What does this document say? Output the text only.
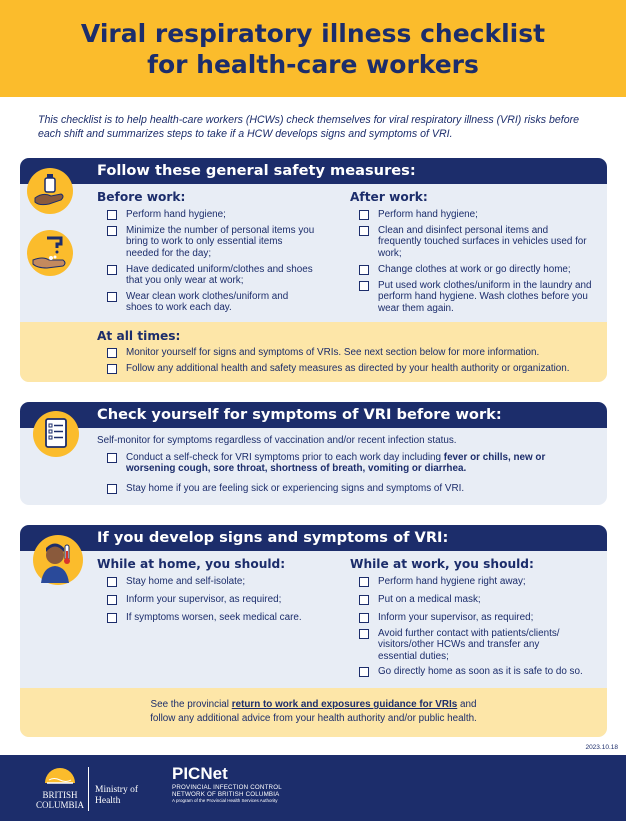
Viral respiratory illness checklist
for health-care workers
This checklist is to help health-care workers (HCWs) check themselves for viral respiratory illness (VRI) risks before each shift and summarizes steps to take if a HCW develops signs and symptoms of VRI.
Follow these general safety measures:
Before work:	After work:
Perform hand hygiene;
Minimize the number of personal items you bring to work to only essential items needed for the day;
Have dedicated uniform/clothes and shoes that you only wear at work;
Wear clean work clothes/uniform and shoes to work each day.
Perform hand hygiene;
Clean and disinfect personal items and frequently touched surfaces in vehicles used for work;
Change clothes at work or go directly home;
Put used work clothes/uniform in the laundry and perform hand hygiene. Wash clothes before you wear them again.
At all times:
Monitor yourself for signs and symptoms of VRIs. See next section below for more information.
Follow any additional health and safety measures as directed by your health authority or organization.
Check yourself for symptoms of VRI before work:
Self-monitor for symptoms regardless of vaccination and/or recent infection status.
Conduct a self-check for VRI symptoms prior to each work day including fever or chills, new or worsening cough, sore throat, shortness of breath, vomiting or diarrhea.
Stay home if you are feeling sick or experiencing signs and symptoms of VRI.
If you develop signs and symptoms of VRI:
While at home, you should:	While at work, you should:
Stay home and self-isolate;
Inform your supervisor, as required;
If symptoms worsen, seek medical care.
Perform hand hygiene right away;
Put on a medical mask;
Inform your supervisor, as required;
Avoid further contact with patients/clients/ visitors/other HCWs and transfer any essential duties;
Go directly home as soon as it is safe to do so.
See the provincial return to work and exposures guidance for VRIs and
follow any additional advice from your health authority and/or public health.
2023.10.18
BRITISH
COLUMBIA
Ministry of
Health
PICNet
PROVINCIAL INFECTION CONTROL
NETWORK OF BRITISH COLUMBIA
A program of the Provincial Health Services Authority
